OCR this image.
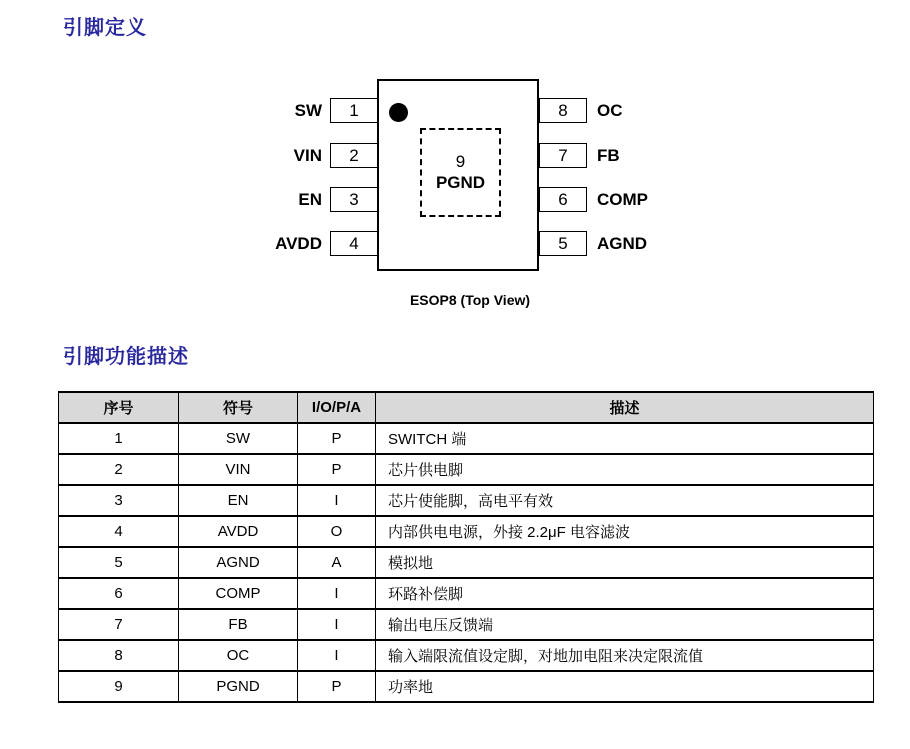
引脚定义
9
PGND
SW	1
VIN	2
EN	3
AVDD	4
8	OC
7	FB
6	COMP
5	AGND
ESOP8 (Top View)
引脚功能描述
序号	符号	I/O/P/A	描述
1	SW	P	SWITCH 端
2	VIN	P	芯片供电脚
3	EN	I	芯片使能脚，高电平有效
4	AVDD	O	内部供电电源，外接 2.2μF 电容滤波
5	AGND	A	模拟地
6	COMP	I	环路补偿脚
7	FB	I	输出电压反馈端
8	OC	I	输入端限流值设定脚，对地加电阻来决定限流值
9	PGND	P	功率地
